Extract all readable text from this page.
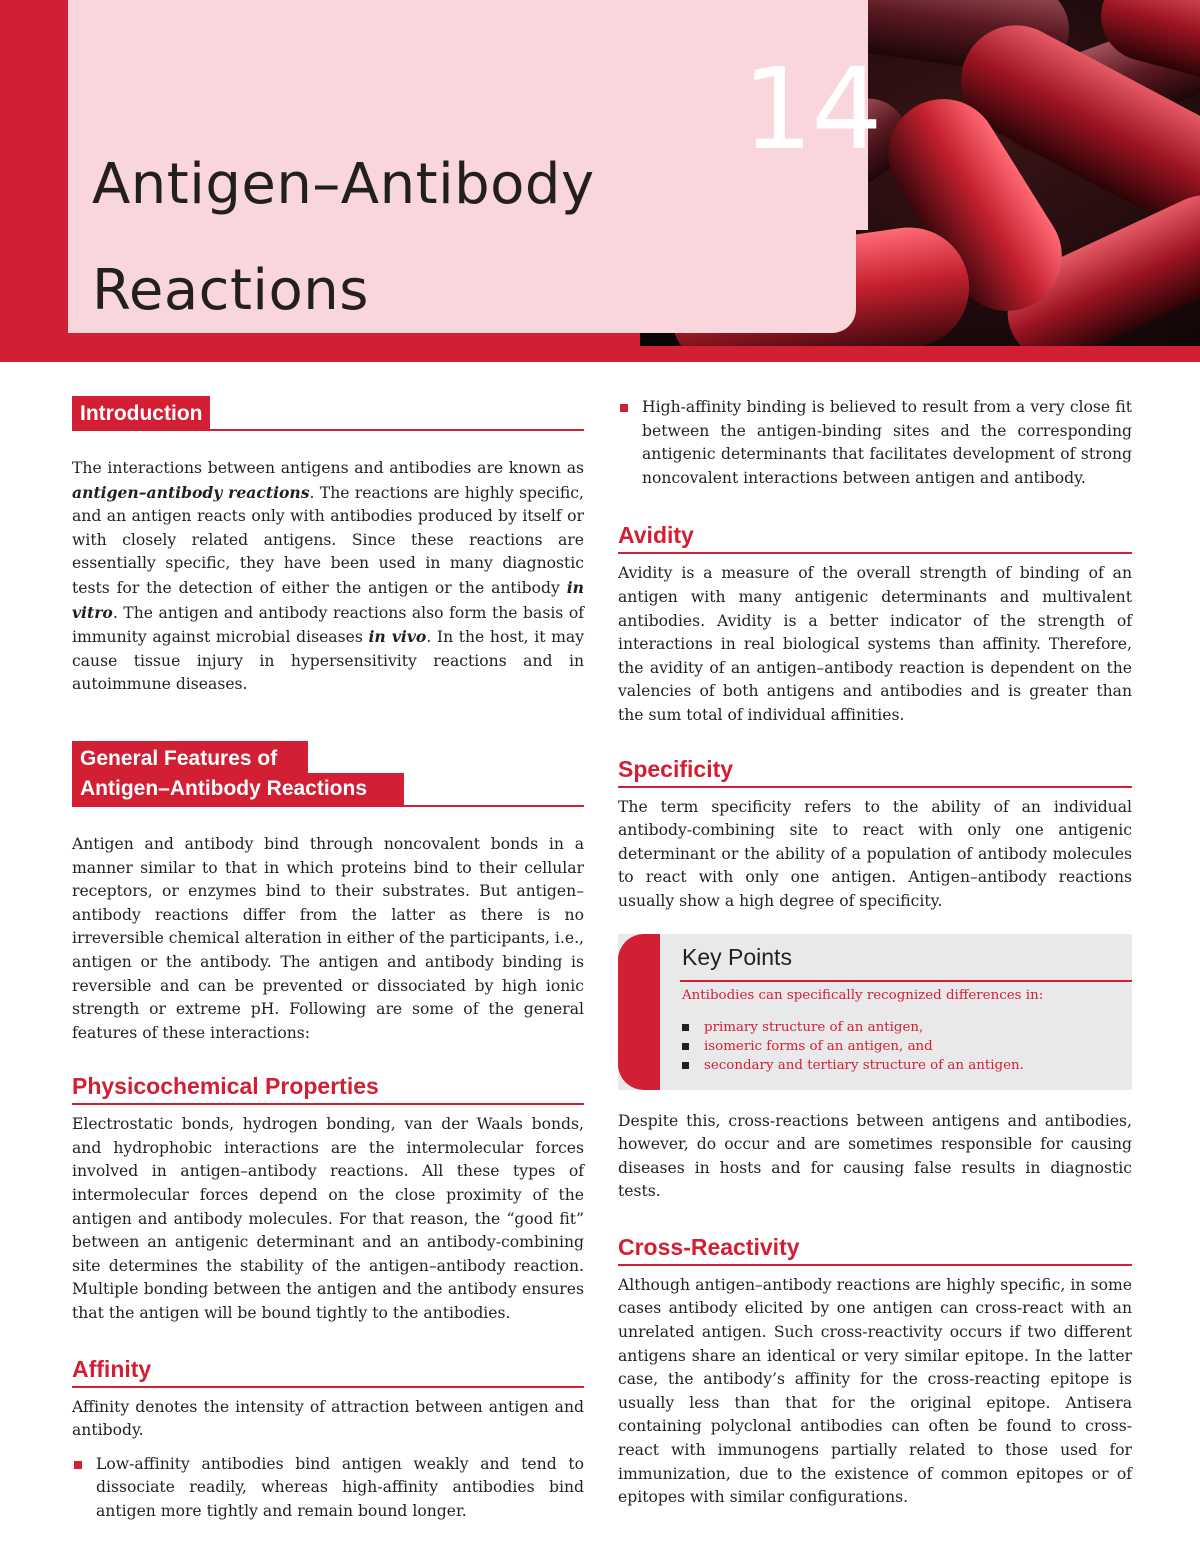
Antigen–Antibody
Reactions
14
Introduction

The interactions between antigens and antibodies are known as antigen–antibody reactions. The reactions are highly specific, and an antigen reacts only with antibodies produced by itself or with closely related antigens. Since these reactions are essentially specific, they have been used in many diagnostic tests for the detection of either the antigen or the antibody in vitro. The antigen and antibody reactions also form the basis of immunity against microbial diseases in vivo. In the host, it may cause tissue injury in hypersensitivity reactions and in autoimmune diseases.

General Features of
Antigen–Antibody Reactions

Antigen and antibody bind through noncovalent bonds in a manner similar to that in which proteins bind to their cellular receptors, or enzymes bind to their substrates. But antigen–antibody reactions differ from the latter as there is no irreversible chemical alteration in either of the participants, i.e., antigen or the antibody. The antigen and antibody binding is reversible and can be prevented or dissociated by high ionic strength or extreme pH. Following are some of the general features of these interactions:

Physicochemical Properties

Electrostatic bonds, hydrogen bonding, van der Waals bonds, and hydrophobic interactions are the intermolecular forces involved in antigen–antibody reactions. All these types of intermolecular forces depend on the close proximity of the antigen and antibody molecules. For that reason, the “good fit” between an antigenic determinant and an antibody-combining site determines the stability of the antigen–antibody reaction. Multiple bonding between the antigen and the antibody ensures that the antigen will be bound tightly to the antibodies.

Affinity

Affinity denotes the intensity of attraction between antigen and antibody.

Low-affinity antibodies bind antigen weakly and tend to dissociate readily, whereas high-affinity antibodies bind antigen more tightly and remain bound longer.
High-affinity binding is believed to result from a very close fit between the antigen-binding sites and the corresponding antigenic determinants that facilitates development of strong noncovalent interactions between antigen and antibody.
Avidity

Avidity is a measure of the overall strength of binding of an antigen with many antigenic determinants and multivalent antibodies. Avidity is a better indicator of the strength of interactions in real biological systems than affinity. Therefore, the avidity of an antigen–antibody reaction is dependent on the valencies of both antigens and antibodies and is greater than the sum total of individual affinities.

Specificity

The term specificity refers to the ability of an individual antibody-combining site to react with only one antigenic determinant or the ability of a population of antibody molecules to react with only one antigen. Antigen–antibody reactions usually show a high degree of specificity.

Key Points
Antibodies can specifically recognized differences in:
primary structure of an antigen,
isomeric forms of an antigen, and
secondary and tertiary structure of an antigen.

Despite this, cross-reactions between antigens and antibodies, however, do occur and are sometimes responsible for causing diseases in hosts and for causing false results in diagnostic tests.

Cross-Reactivity

Although antigen–antibody reactions are highly specific, in some cases antibody elicited by one antigen can cross-react with an unrelated antigen. Such cross-reactivity occurs if two different antigens share an identical or very similar epitope. In the latter case, the antibody’s affinity for the cross-reacting epitope is usually less than that for the original epitope. Antisera containing polyclonal antibodies can often be found to cross-react with immunogens partially related to those used for immunization, due to the existence of common epitopes or of epitopes with similar configurations.
